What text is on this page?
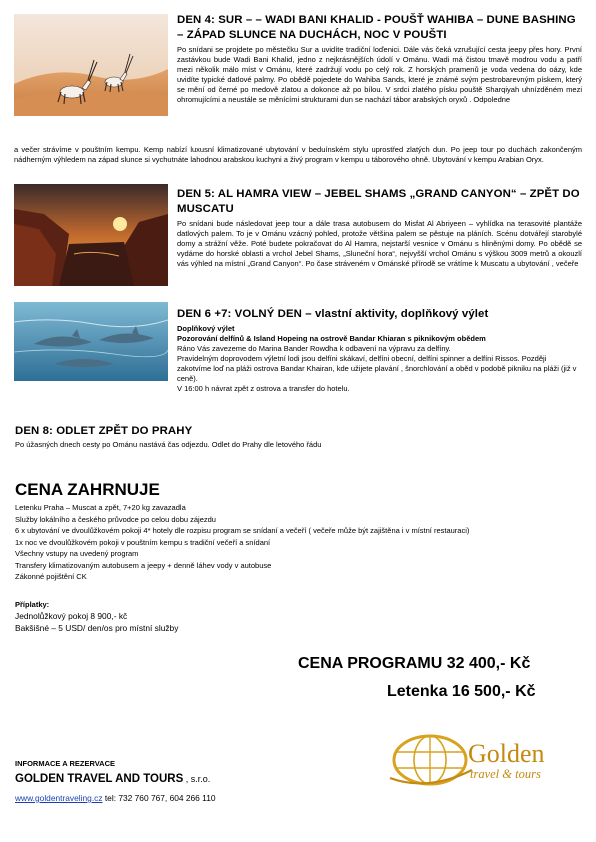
DEN 4: SUR – – WADI BANI KHALID - POUŠŤ WAHIBA – DUNE BASHING – ZÁPAD SLUNCE NA DUCHÁCH, NOC V POUŠTI
Po snídani se projdete po městečku Sur a uvidíte tradiční loďenici. Dále vás čeká vzrušující cesta jeepy přes hory. První zastávkou bude Wadi Bani Khalid, jedno z nejkrásnějších údolí v Ománu. Wadi má čistou tmavě modrou vodu a patří mezi několik málo míst v Ománu, které zadržují vodu po celý rok. Z horských pramenů je voda vedena do oázy, kde uvidíte typické datlové palmy. Po obědě pojedete do Wahiba Sands, které je známé svým pestrobarevným pískem, který se mění od černé po medově zlatou a dokonce až po bílou. V srdci zlatého písku pouště Sharqiyah uhnízděném mezi ohromujícími a neustále se měnícími strukturami dun se nachází tábor arabských oryxů . Odpoledne
a večer strávíme v pouštním kempu. Kemp nabízí luxusní klimatizované ubytování v beduínském stylu uprostřed zlatých dun. Po jeep tour po duchách zakončeným nádherným výhledem na západ slunce si vychutnáte lahodnou arabskou kuchyni a živý program v kempu u táborového ohně. Ubytování v kempu Arabian Oryx.
DEN 5: AL HAMRA VIEW – JEBEL SHAMS „GRAND CANYON“ – ZPĚT DO MUSCATU
Po snídani bude následovat jeep tour a dále trasa autobusem do Misfat Al Abriyeen – vyhlídka na terasovité plantáže datlových palem. To je v Ománu vzácný pohled, protože většina palem se pěstuje na pláních. Scénu dotvářejí starobylé domy a strážní věže. Poté budete pokračovat do Al Hamra, nejstarší vesnice v Ománu s hliněnými domy. Po obědě se vydáme do horské oblasti a vrchol Jebel Shams, „Sluneční hora“, nejvyšší vrchol Ománu s výškou 3009 metrů a okouzlí vás výhled na místní „Grand Canyon“. Po čase stráveném v Ománské přírodě se vrátíme k Muscatu a ubytování , večeře
DEN 6 +7: VOLNÝ DEN – vlastní aktivity, doplňkový výlet

Doplňkový výlet

Pozorování delfínů & Island Hopeing na ostrově Bandar Khiaran s piknikovým obědem

Ráno Vás zavezeme do Marina Bander Rowdha k odbavení na výpravu za delfíny.

Pravidelným doprovodem výletní lodi jsou delfíni skákaví, delfíni obecní, delfíni spinner a delfíni Rissos. Později zakotvíme loď na pláži ostrova Bandar Khairan, kde užijete plavání , šnorchlování a oběd v podobě pikniku na pláži (již v ceně).

V 16:00 h návrat zpět z ostrova a transfer do hotelu.

DEN 8: ODLET ZPĚT DO PRAHY
Po úžasných dnech cesty po Ománu nastává čas odjezdu. Odlet do Prahy dle letového řádu
CENA ZAHRNUJE
Letenku Praha – Muscat a zpět, 7+20 kg zavazadla
Služby lokálního a českého průvodce po celou dobu zájezdu
6 x ubytování ve dvoulůžkovém pokoji 4* hotely dle rozpisu program se snídaní a večeří ( večeře může být zajištěna i v místní restauraci)
1x noc ve dvoulůžkovém pokoji v pouštním kempu s tradiční večeří a snídaní
Všechny vstupy na uvedený program
Transfery klimatizovaným autobusem a jeepy + denně láhev vody v autobuse
Zákonné pojištění CK
Příplatky:
Jednolůžkový pokoj 8 900,- kč
Bakšišné – 5 USD/ den/os pro místní služby
CENA PROGRAMU 32 400,- Kč
Letenka 16 500,- Kč
INFORMACE A REZERVACE
GOLDEN TRAVEL AND TOURS , s.r.o.
www.goldentraveling.cz tel: 732 760 767, 604 266 110
Golden
travel & tours
